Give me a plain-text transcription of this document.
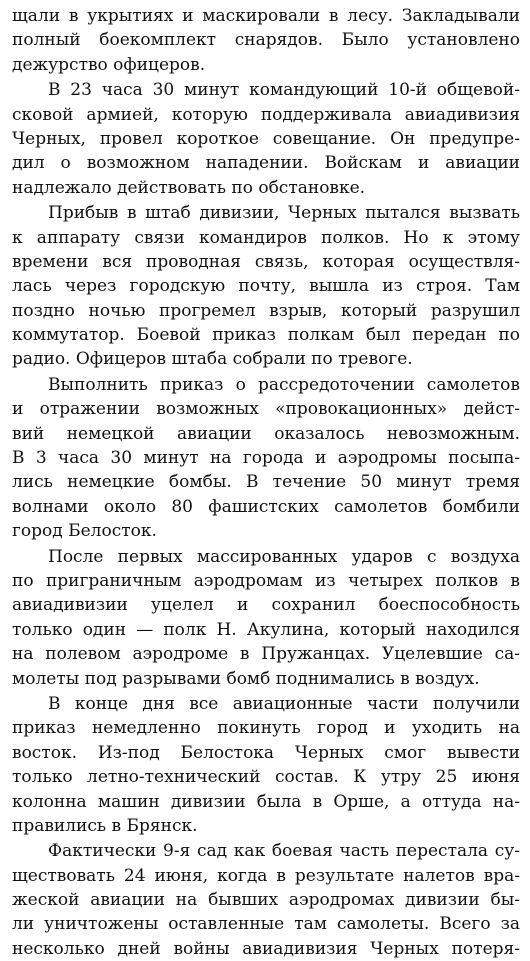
щали в укрытиях и маскировали в лесу. Закладывали
полный боекомплект снарядов. Было установлено
дежурство офицеров.
В 23 часа 30 минут командующий 10-й общевой-
сковой армией, которую поддерживала авиадивизия
Черных, провел короткое совещание. Он предупре-
дил о возможном нападении. Войскам и авиации
надлежало действовать по обстановке.
Прибыв в штаб дивизии, Черных пытался вызвать
к аппарату связи командиров полков. Но к этому
времени вся проводная связь, которая осуществля-
лась через городскую почту, вышла из строя. Там
поздно ночью прогремел взрыв, который разрушил
коммутатор. Боевой приказ полкам был передан по
радио. Офицеров штаба собрали по тревоге.
Выполнить приказ о рассредоточении самолетов
и отражении возможных «провокационных» дейст-
вий немецкой авиации оказалось невозможным.
В 3 часа 30 минут на города и аэродромы посыпа-
лись немецкие бомбы. В течение 50 минут тремя
волнами около 80 фашистских самолетов бомбили
город Белосток.
После первых массированных ударов с воздуха
по приграничным аэродромам из четырех полков в
авиадивизии уцелел и сохранил боеспособность
только один — полк Н. Акулина, который находился
на полевом аэродроме в Пружанцах. Уцелевшие са-
молеты под разрывами бомб поднимались в воздух.
В конце дня все авиационные части получили
приказ немедленно покинуть город и уходить на
восток. Из-под Белостока Черных смог вывести
только летно-технический состав. К утру 25 июня
колонна машин дивизии была в Орше, а оттуда на-
правились в Брянск.
Фактически 9-я сад как боевая часть перестала су-
ществовать 24 июня, когда в результате налетов вра-
жеской авиации на бывших аэродромах дивизии бы-
ли уничтожены оставленные там самолеты. Всего за
несколько дней войны авиадивизия Черных потеря-
